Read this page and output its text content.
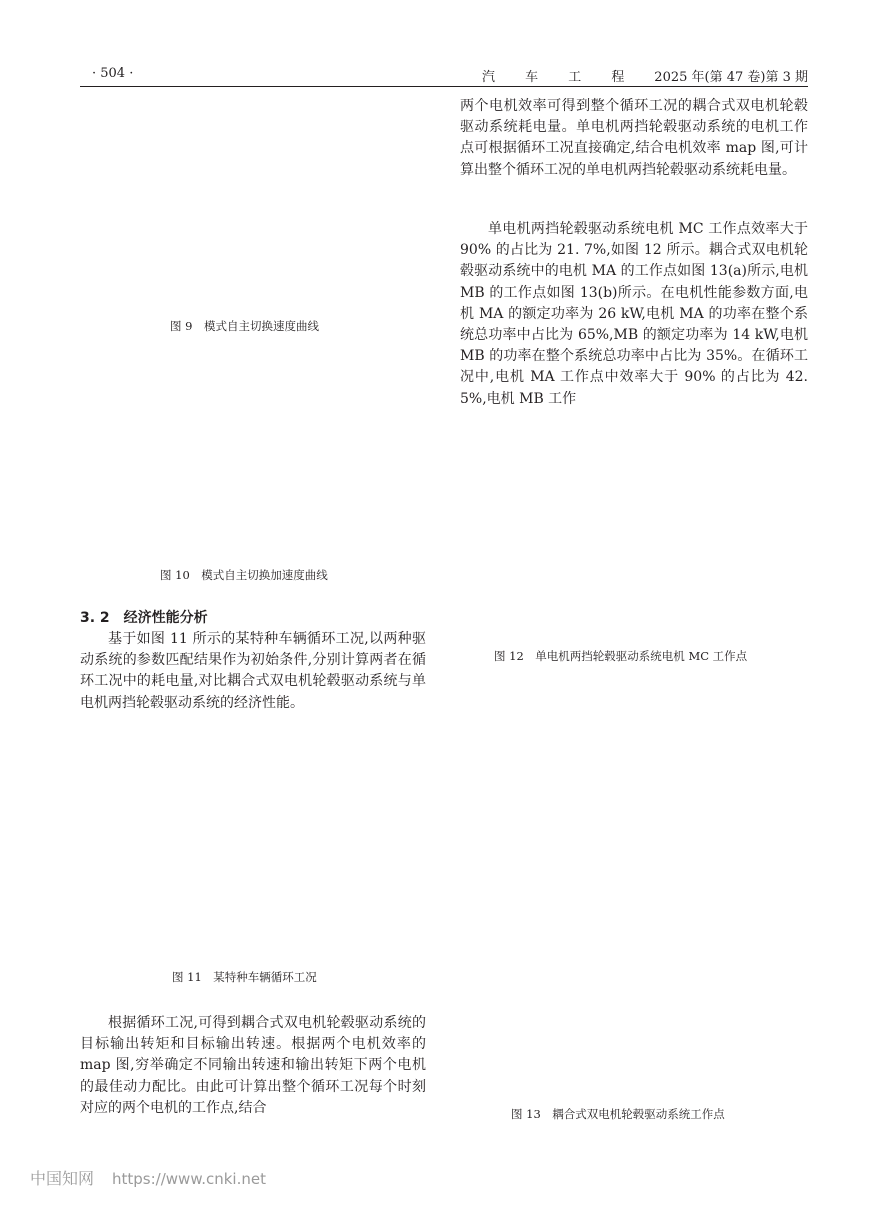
· 504 ·	汽 车 工 程 2025 年(第 47 卷)第 3 期
图 9　模式自主切换速度曲线
图 10　模式自主切换加速度曲线
3. 2　经济性能分析

基于如图 11 所示的某特种车辆循环工况,以两种驱动系统的参数匹配结果作为初始条件,分别计算两者在循环工况中的耗电量,对比耦合式双电机轮毂驱动系统与单电机两挡轮毂驱动系统的经济性能。

图 11　某特种车辆循环工况

根据循环工况,可得到耦合式双电机轮毂驱动系统的目标输出转矩和目标输出转速。根据两个电机效率的 map 图,穷举确定不同输出转速和输出转矩下两个电机的最佳动力配比。由此可计算出整个循环工况每个时刻对应的两个电机的工作点,结合

两个电机效率可得到整个循环工况的耦合式双电机轮毂驱动系统耗电量。单电机两挡轮毂驱动系统的电机工作点可根据循环工况直接确定,结合电机效率 map 图,可计算出整个循环工况的单电机两挡轮毂驱动系统耗电量。

单电机两挡轮毂驱动系统电机 MC 工作点效率大于 90% 的占比为 21. 7%,如图 12 所示。耦合式双电机轮毂驱动系统中的电机 MA 的工作点如图 13(a)所示,电机 MB 的工作点如图 13(b)所示。在电机性能参数方面,电机 MA 的额定功率为 26 kW,电机 MA 的功率在整个系统总功率中占比为 65%,MB 的额定功率为 14 kW,电机 MB 的功率在整个系统总功率中占比为 35%。在循环工况中,电机 MA 工作点中效率大于 90% 的占比为 42. 5%,电机 MB 工作

图 12　单电机两挡轮毂驱动系统电机 MC 工作点
图 13　耦合式双电机轮毂驱动系统工作点
中国知网 https://www.cnki.net
